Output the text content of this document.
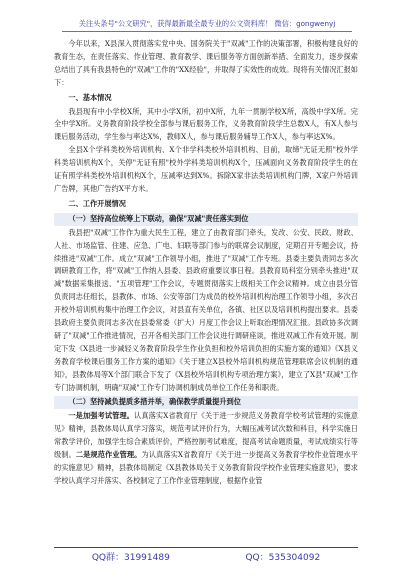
关注头条号"公文研究"，获得最新最全最专业的公文资料库！ 微信：gongwenyj

今年以来，X县深入贯彻落实党中央、国务院关于"双减"工作的决策部署，积极构建良好的教育生态，在责任落实、作业管理、教育教学、课后服务等方面创新举措、全面发力，逐步探索总结出了具有我县特色的"双减"工作的"XX经验"，并取得了实效性的成效。现将有关情况汇报如下：

一、基本情况

我县现有中小学校X所，其中小学X所，初中X所，九年一贯制学校X所，高级中学X所。完全中学X所。义务教育阶段学校全部参与课后服务工作，义务教育阶段学生总数X人，有X人参与课后服务活动，学生参与率达X%，教师X人，参与课后服务辅导工作X人，参与率达X%。

全县X个学科类校外培训机构、X个非学科类校外培训机构、目前，取缔"无证无照"校外学科类培训机构X个，关停"无证有照"校外学科类培训机构X个，压减面向义务教育阶段学生的在证有照学科类校外培训机构X个，压减率达到X%。拆除X家非法类培训机构门牌，X家户外培训广告牌，其他广告约X平方米。

二、工作开展情况

（一）坚持高位统筹上下联动，确保"双减"责任落实到位

我县把"双减"工作作为重大民生工程，建立了由教育部门牵头，发改、公安、民政、财政、人社、市场监管、住建、应急、广电、妇联等部门参与的联席会议制度，定期召开专题会议，持续推进"双减"工作。成立"双减"工作领导小组，推进了"双减"工作专班。县委主要负责同志多次调研教育工作，将"双减"工作纳入县委、县政府重要议事日程。县教育局科室分别牵头推进"双减"数据采集报送、"五项管理"工作会议，专题贯彻落实上级相关工作会议精神。成立由县分管负责同志任组长，县教体、市场、公安等部门为成员的校外培训机构治理工作领导小组，多次召开校外培训机构集中治理工作会议，对县直有关单位，各镇、社区以及培训机构提出要求。县委县政府主要负责同志多次在县委常委（扩大）月度工作会议上听取治理情况汇报。县政协多次调研了"双减"工作推进情况，召开各相关部门工作会议进行调研座谈，推进双减工作有效开展。制定下发《X县进一步减轻义务教育阶段学生作业负担和校外培训负担的实施方案的通知》《X县义务教育学校课后服务工作方案的通知》《关于建立X县校外培训机构规范管理联席会议机制的通知》，县教体局等X个部门联合下发了《X县校外培训机构专项治理方案》，建立了X县"双减"工作专门协调机制，明确"双减"工作专门协调机制成员单位工作任务和职责。

（二）坚持减负提质多措并举，确保教学质量提升到位

一是加强考试管理。认真落实X省教育厅《关于进一步规范义务教育学校考试管理的实施意见》精神，县教体局认真学习落实，规范考试评价行为，大幅压减考试次数和科目，科学实施日常教学评价，加强学生综合素质评价，严格控制考试难度，提高考试命题质量，考试成绩实行等级制。二是规范作业管理。为认真落实X省教育厅《关于进一步提高义务教育学校作业管理水平的实施意见》精神，县教体局制定《X县教体局关于义务教育阶段学校作业管理实施意见》，要求学校认真学习并落实、各校制定了工作作业管理制度，根据作业管

QQ群：31991489	QQ：535304092
